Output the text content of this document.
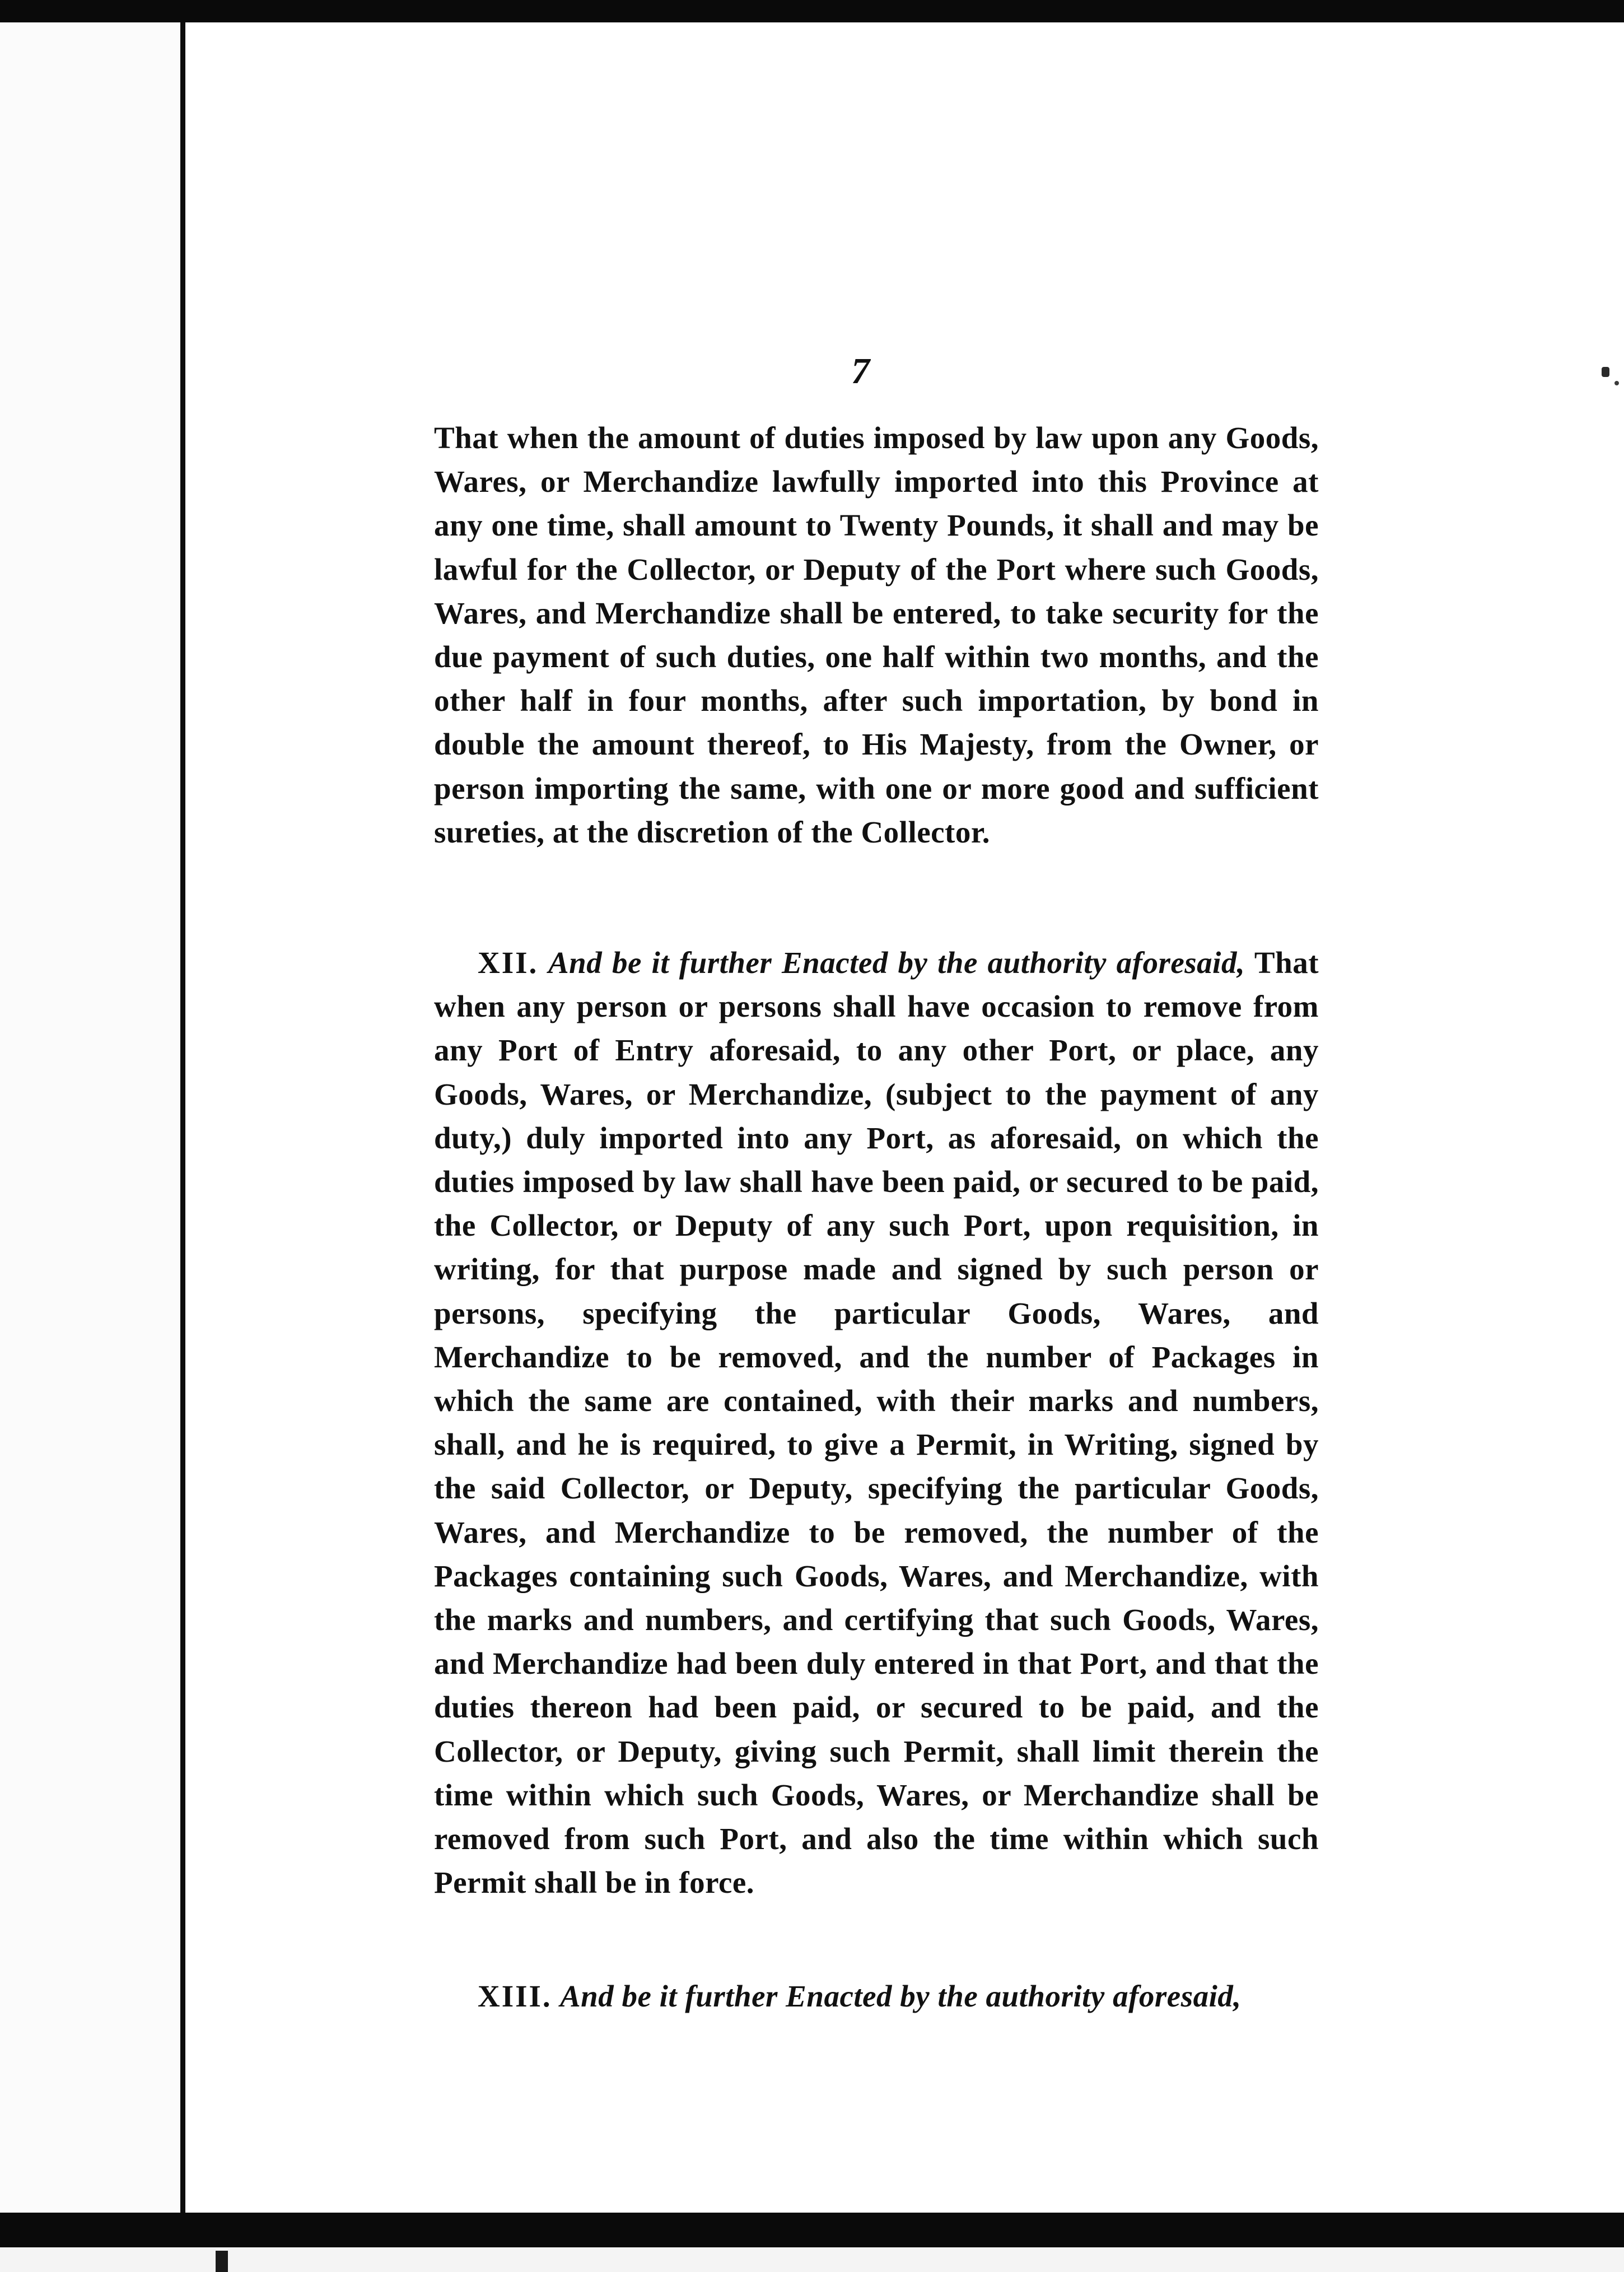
7
That when the amount of duties imposed by law upon any Goods, Wares, or Merchandize lawfully imported into this Province at any one time, shall amount to Twenty Pounds, it shall and may be lawful for the Collector, or Deputy of the Port where such Goods, Wares, and Merchandize shall be entered, to take security for the due payment of such duties, one half within two months, and the other half in four months, after such importation, by bond in double the amount thereof, to His Majesty, from the Owner, or person importing the same, with one or more good and sufficient sureties, at the discretion of the Collector.
XII. And be it further Enacted by the authority aforesaid, That when any person or persons shall have occasion to remove from any Port of Entry aforesaid, to any other Port, or place, any Goods, Wares, or Merchandize, (subject to the payment of any duty,) duly imported into any Port, as aforesaid, on which the duties imposed by law shall have been paid, or secured to be paid, the Collector, or Deputy of any such Port, upon requisition, in writing, for that purpose made and signed by such person or persons, specifying the particular Goods, Wares, and Merchandize to be removed, and the number of Packages in which the same are contained, with their marks and numbers, shall, and he is required, to give a Permit, in Writing, signed by the said Collector, or Deputy, specifying the particular Goods, Wares, and Merchandize to be removed, the number of the Packages containing such Goods, Wares, and Merchandize, with the marks and numbers, and certifying that such Goods, Wares, and Merchandize had been duly entered in that Port, and that the duties thereon had been paid, or secured to be paid, and the Collector, or Deputy, giving such Permit, shall limit therein the time within which such Goods, Wares, or Merchandize shall be removed from such Port, and also the time within which such Permit shall be in force.
XIII. And be it further Enacted by the authority aforesaid,
